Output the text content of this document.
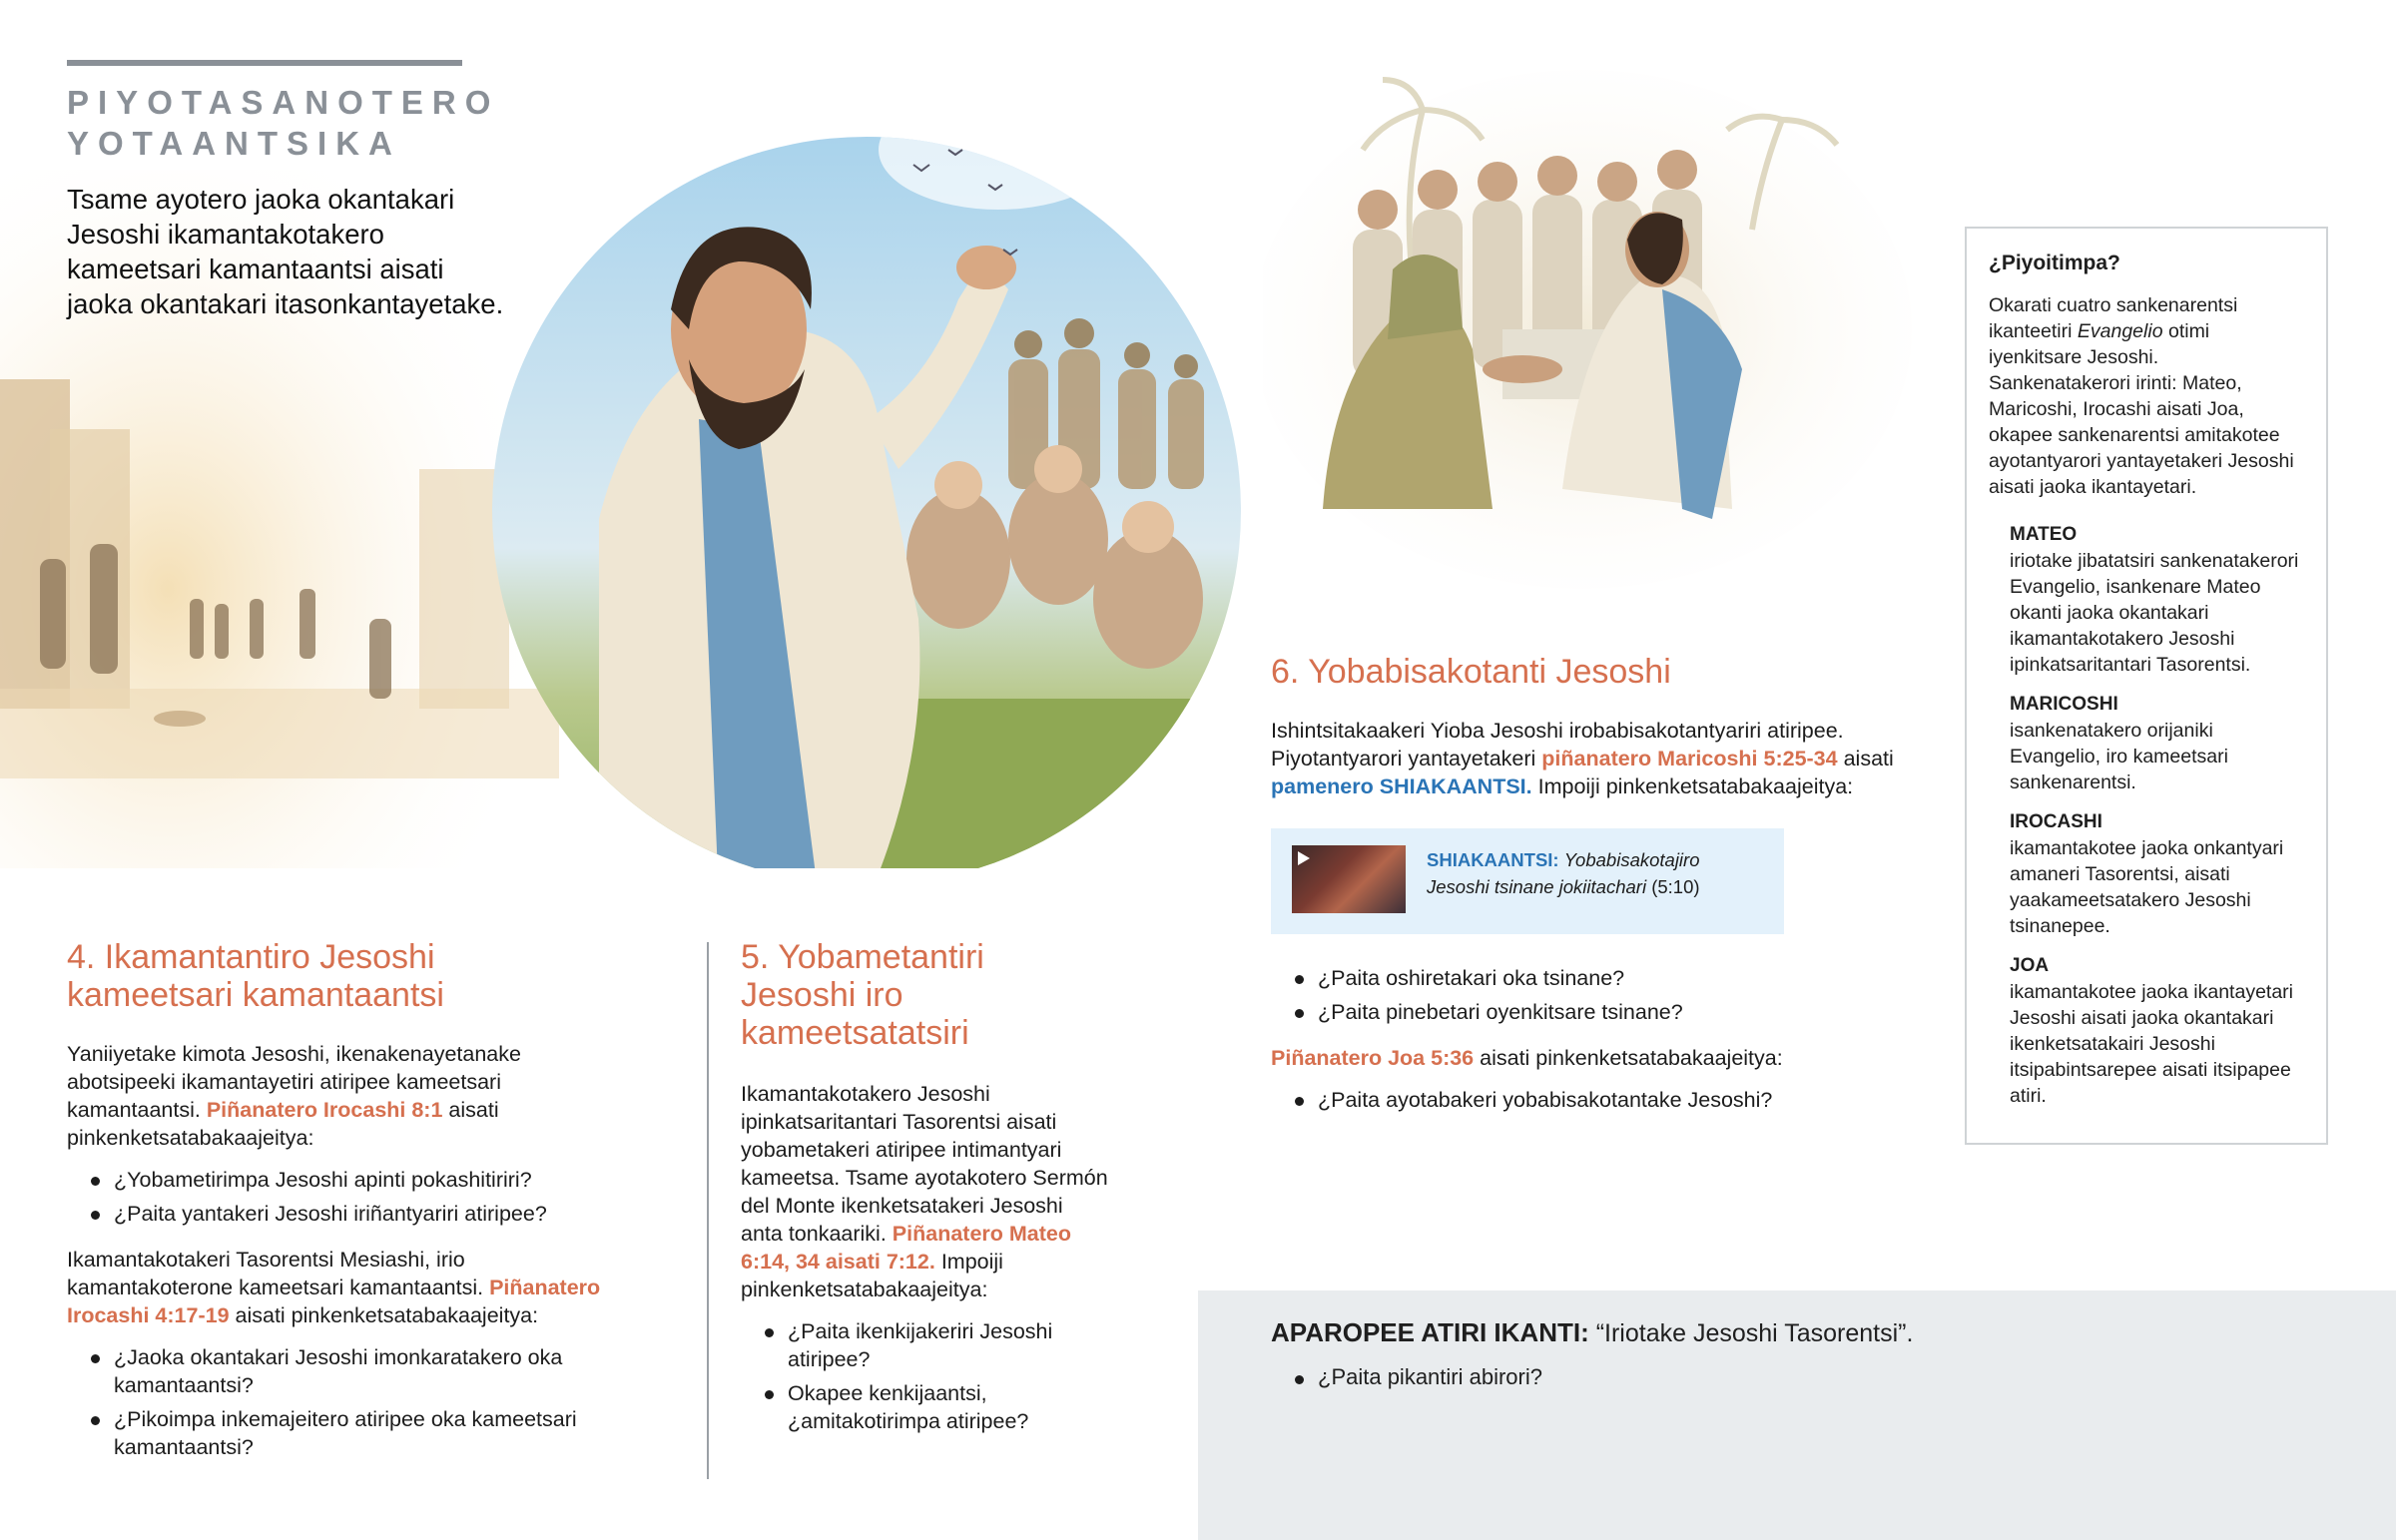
PIYOTASANOTERO
YOTAANTSIKA

Tsame ayotero jaoka okantakari Jesoshi ikamantakotakero kameetsari kamantaantsi aisati jaoka okantakari itasonkantayetake.

4. Ikamantantiro Jesoshi
kameetsari kamantaantsi

Yaniiyetake kimota Jesoshi, ikenakenayetanake abotsipeeki ikamantayetiri atiripee kameetsari kamantaantsi. Piñanatero Irocashi 8:1 aisati pinkenketsatabakaajeitya:

¿Yobametirimpa Jesoshi apinti pokashitiriri?
¿Paita yantakeri Jesoshi iriñantyariri atiripee?

Ikamantakotakeri Tasorentsi Mesiashi, irio kamantakoterone kameetsari kamantaantsi. Piñanatero Irocashi 4:17-19 aisati pinkenketsatabakaajeitya:

¿Jaoka okantakari Jesoshi imonkaratakero oka kamantaantsi?
¿Pikoimpa inkemajeitero atiripee oka kameetsari kamantaantsi?
5. Yobametantiri
Jesoshi iro
kameetsatatsiri

Ikamantakotakero Jesoshi ipinkatsaritantari Tasorentsi aisati yobametakeri atiripee intimantyari kameetsa. Tsame ayotakotero Sermón del Monte ikenketsatakeri Jesoshi anta tonkaariki. Piñanatero Mateo 6:14, 34 aisati 7:12. Impoiji pinkenketsatabakaajeitya:

¿Paita ikenkijakeriri Jesoshi atiripee?
Okapee kenkijaantsi, ¿amitakotirimpa atiripee?
6. Yobabisakotanti Jesoshi

Ishintsitakaakeri Yioba Jesoshi irobabisakotantyariri atiripee. Piyotantyarori yantayetakeri piñanatero Maricoshi 5:25-34 aisati pamenero SHIAKAANTSI. Impoiji pinkenketsatabakaajeitya:

SHIAKAANTSI: Yobabisakotajiro Jesoshi tsinane jokiitachari (5:10)
¿Paita oshiretakari oka tsinane?
¿Paita pinebetari oyenkitsare tsinane?

Piñanatero Joa 5:36 aisati pinkenketsatabakaajeitya:

¿Paita ayotabakeri yobabisakotantake Jesoshi?
¿Piyoitimpa?

Okarati cuatro sankenarentsi ikanteetiri Evangelio otimi iyenkitsare Jesoshi. Sankenatakerori irinti: Mateo, Maricoshi, Irocashi aisati Joa, okapee sankenarentsi amitakotee ayotantyarori yantayetakeri Jesoshi aisati jaoka ikantayetari.

MATEO
iriotake jibatatsiri sankenatakerori Evangelio, isankenare Mateo okanti jaoka okantakari ikamantakotakero Jesoshi ipinkatsaritantari Tasorentsi.
MARICOSHI
isankenatakero orijaniki Evangelio, iro kameetsari sankenarentsi.
IROCASHI
ikamantakotee jaoka onkantyari amaneri Tasorentsi, aisati yaakameetsatakero Jesoshi tsinanepee.
JOA
ikamantakotee jaoka ikantayetari Jesoshi aisati jaoka okantakari ikenketsatakairi Jesoshi itsipabintsarepee aisati itsipapee atiri.
APAROPEE ATIRI IKANTI: “Iriotake Jesoshi Tasorentsi”.
¿Paita pikantiri abirori?
